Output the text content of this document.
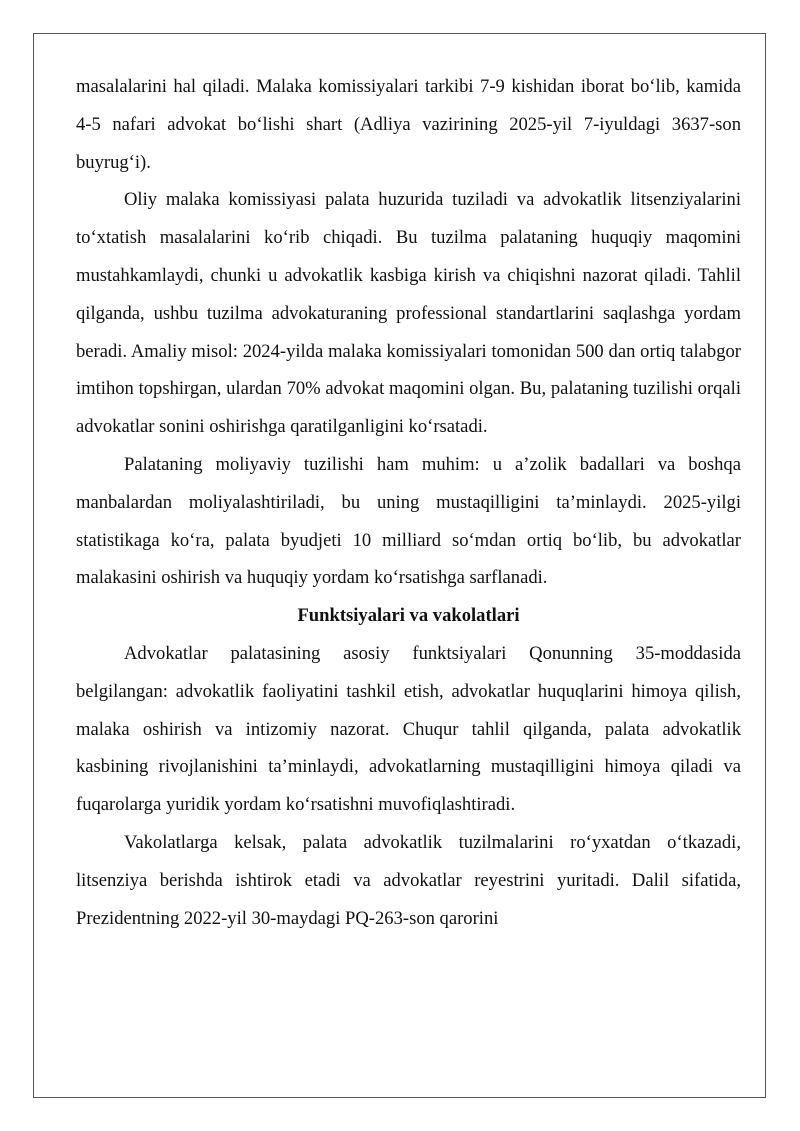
masalalarini hal qiladi. Malaka komissiyalari tarkibi 7-9 kishidan iborat bo‘lib, kamida 4-5 nafari advokat bo‘lishi shart (Adliya vazirining 2025-yil 7-iyuldagi 3637-son buyrug‘i).

Oliy malaka komissiyasi palata huzurida tuziladi va advokatlik litsenziyalarini to‘xtatish masalalarini ko‘rib chiqadi. Bu tuzilma palataning huquqiy maqomini mustahkamlaydi, chunki u advokatlik kasbiga kirish va chiqishni nazorat qiladi. Tahlil qilganda, ushbu tuzilma advokaturaning professional standartlarini saqlashga yordam beradi. Amaliy misol: 2024-yilda malaka komissiyalari tomonidan 500 dan ortiq talabgor imtihon topshirgan, ulardan 70% advokat maqomini olgan. Bu, palataning tuzilishi orqali advokatlar sonini oshirishga qaratilganligini ko‘rsatadi.

Palataning moliyaviy tuzilishi ham muhim: u a’zolik badallari va boshqa manbalardan moliyalashtiriladi, bu uning mustaqilligini ta’minlaydi. 2025-yilgi statistikaga ko‘ra, palata byudjeti 10 milliard so‘mdan ortiq bo‘lib, bu advokatlar malakasini oshirish va huquqiy yordam ko‘rsatishga sarflanadi.

Funktsiyalari va vakolatlari

Advokatlar palatasining asosiy funktsiyalari Qonunning 35-moddasida belgilangan: advokatlik faoliyatini tashkil etish, advokatlar huquqlarini himoya qilish, malaka oshirish va intizomiy nazorat. Chuqur tahlil qilganda, palata advokatlik kasbining rivojlanishini ta’minlaydi, advokatlarning mustaqilligini himoya qiladi va fuqarolarga yuridik yordam ko‘rsatishni muvofiqlashtiradi.

Vakolatlarga kelsak, palata advokatlik tuzilmalarini ro‘yxatdan o‘tkazadi, litsenziya berishda ishtirok etadi va advokatlar reyestrini yuritadi. Dalil sifatida, Prezidentning 2022-yil 30-maydagi PQ-263-son qarorini
